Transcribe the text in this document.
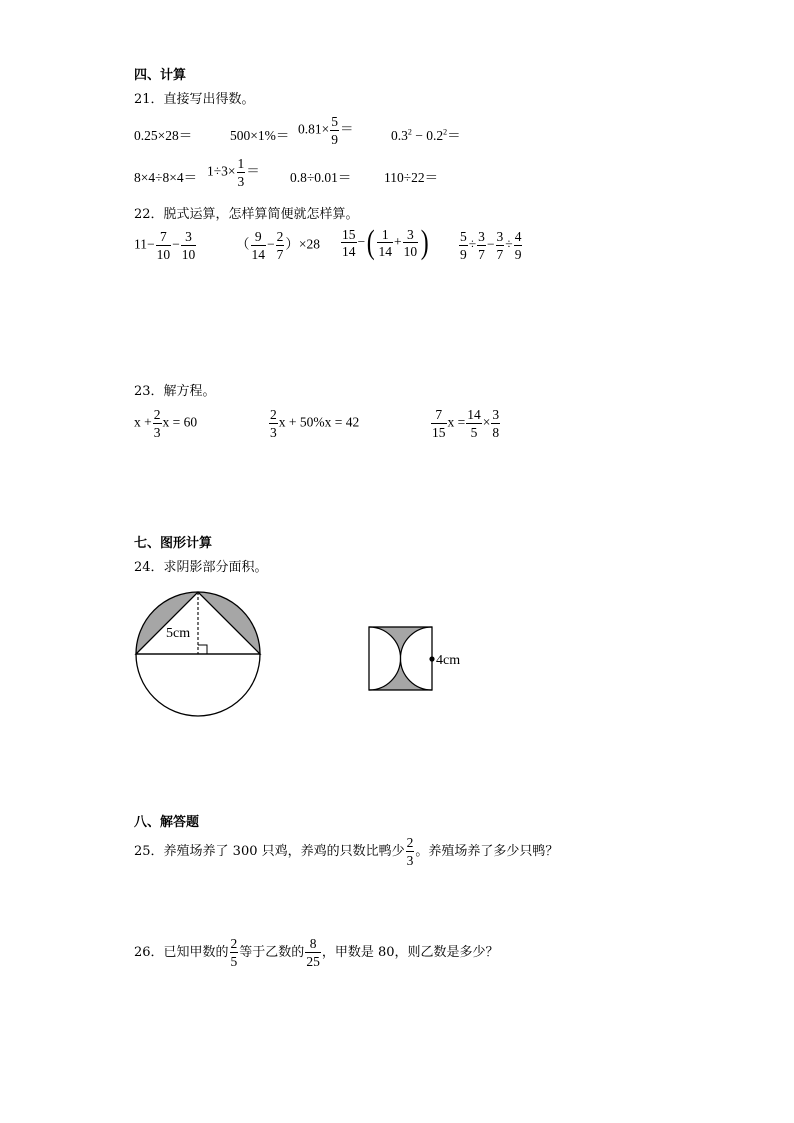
四、计算
21．直接写出得数。
0.25×28＝	$500\times 1\%= 0.81\times \frac{5}{9}$ ＝	$0.3^2 - 0.2^2=$
$8\times 4\div 8\times 4= 1\div 3\times \frac{1}{3} = 0.8\div 0.01= 110\div 22=$
22．脱式运算，怎样算简便就怎样算。
$11- \frac{7}{10} - \frac{3}{10}$	（ $\frac{9}{14} - \frac{2}{7} )\times 28 \frac{15}{14}$ −( $\frac{1}{14} + \frac{3}{10}$ ) $\frac{5}{9} \div \frac{3}{7} - \frac{3}{7} \div \frac{4}{9}$
23．解方程。
$x + \frac{2}{3}$ x = 60	$\frac{2}{3}$ x + 50%x = 42	$\frac{7}{15}$ $x = \frac{14}{5} \times \frac{3}{8}$
七、图形计算
24．求阴影部分面积。
5cm
4cm
八、解答题
25．养殖场养了 300 只鸡，养鸡的只数比鸭少 $\frac{2}{3}$ 。养殖场养了多少只鸭？
26．已知甲数的 $\frac{2}{5}$ 等于乙数的 $\frac{8}{25}$ ，甲数是 80，则乙数是多少？
